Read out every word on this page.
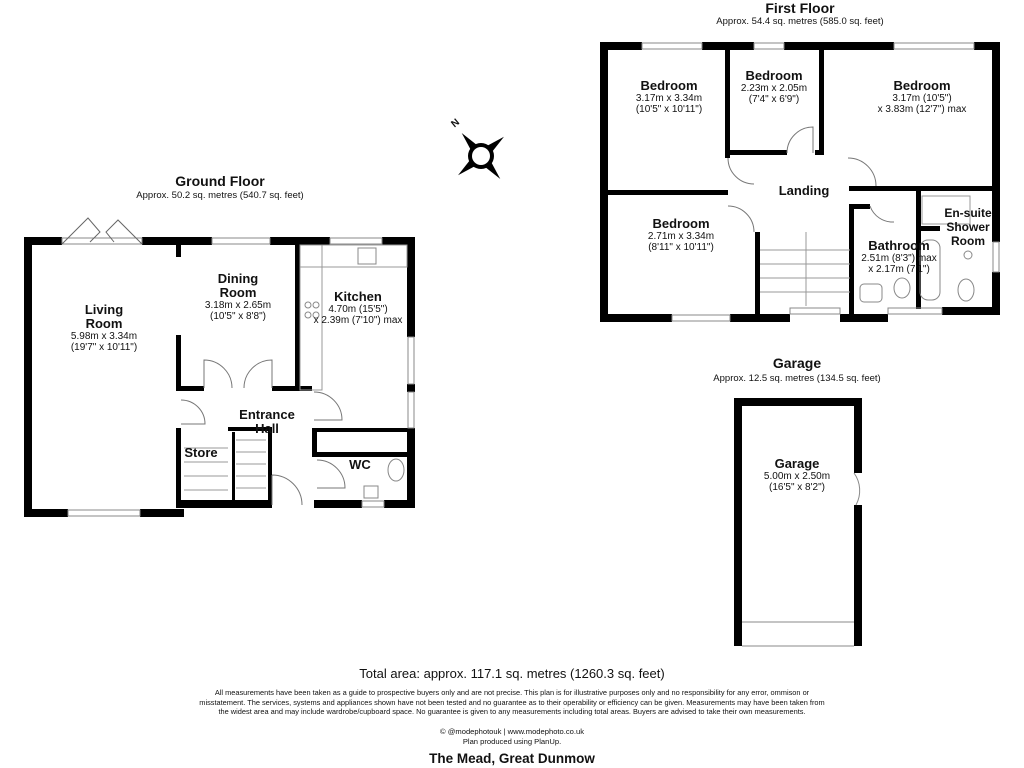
N
Ground Floor
Approx. 50.2 sq. metres (540.7 sq. feet)
First Floor
Approx. 54.4 sq. metres (585.0 sq. feet)
Garage
Approx. 12.5 sq. metres (134.5 sq. feet)
Living
Room
5.98m x 3.34m
(19'7" x 10'11")
Dining
Room
3.18m x 2.65m
(10'5" x 8'8")
Kitchen
4.70m (15'5")
x 2.39m (7'10") max
Entrance
Hall
Store
WC
Bedroom
3.17m x 3.34m
(10'5" x 10'11")
Bedroom
2.23m x 2.05m
(7'4" x 6'9")
Bedroom
3.17m (10'5")
x 3.83m (12'7") max
Bedroom
2.71m x 3.34m
(8'11" x 10'11")
Landing
Bathroom
2.51m (8'3") max
x 2.17m (7'1")
En-suite
Shower
Room
Garage
5.00m x 2.50m
(16'5" x 8'2")
Total area: approx. 117.1 sq. metres (1260.3 sq. feet)
All measurements have been taken as a guide to prospective buyers only and are not precise. This plan is for illustrative purposes only and no responsibility for any error, ommison or
misstatement. The services, systems and appliances shown have not been tested and no guarantee as to their operability or efficiency can be given. Measurements may have been taken from
the widest area and may include wardrobe/cupboard space. No guarantee is given to any measurements including total areas. Buyers are advised to take their own measurements.
© @modephotouk | www.modephoto.co.uk
Plan produced using PlanUp.
The Mead, Great Dunmow
